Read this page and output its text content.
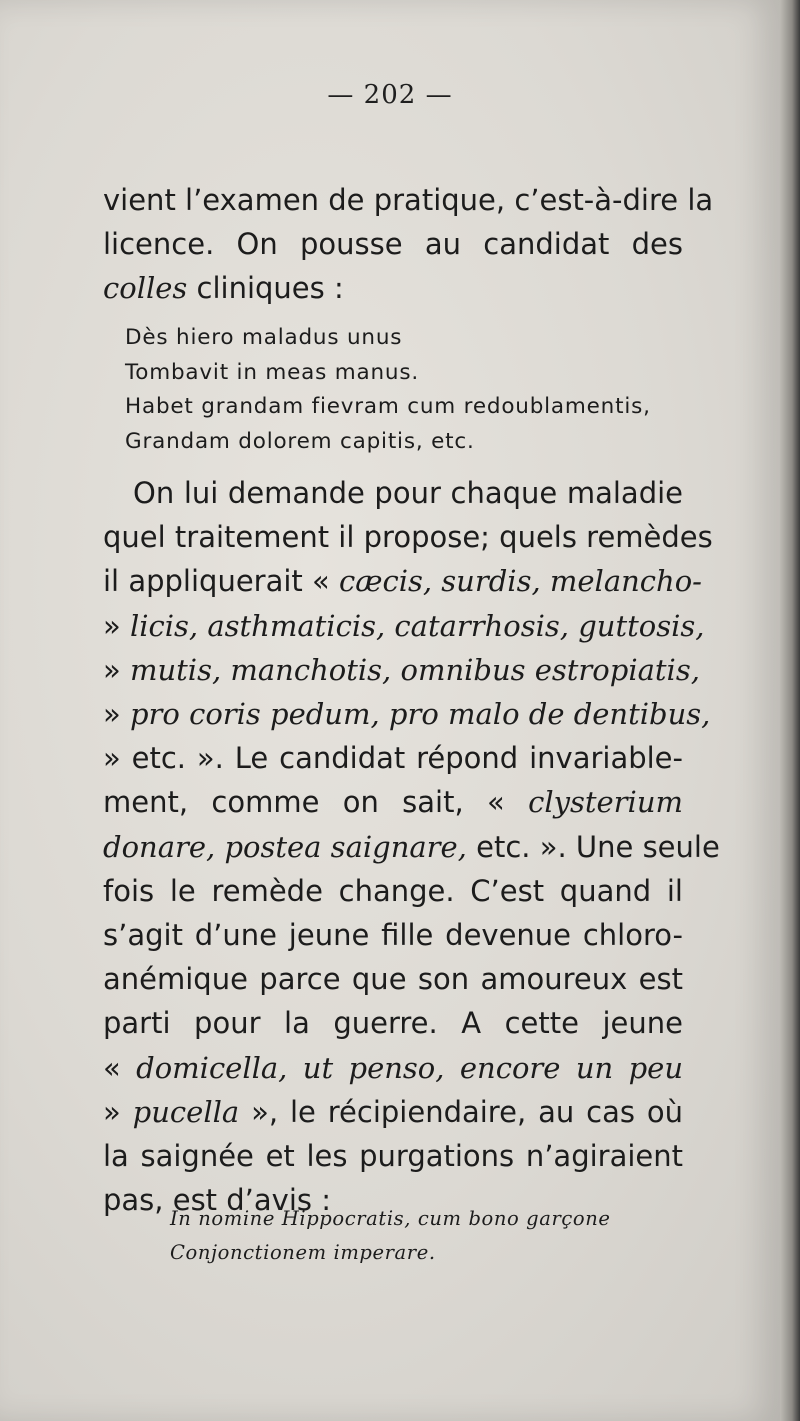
— 202 —
vient l’examen de pratique, c’est-à-dire la
licence. On pousse au candidat des
colles cliniques :
Dès hiero maladus unus
Tombavit in meas manus.
Habet grandam fievram cum redoublamentis,
Grandam dolorem capitis, etc.
On lui demande pour chaque maladie
quel traitement il propose; quels remèdes
il appliquerait « cæcis, surdis, melancho-
» licis, asthmaticis, catarrhosis, guttosis,
» mutis, manchotis, omnibus estropiatis,
» pro coris pedum, pro malo de dentibus,
» etc. ». Le candidat répond invariable-
ment, comme on sait, « clysterium
donare, postea saignare, etc. ». Une seule
fois le remède change. C’est quand il
s’agit d’une jeune fille devenue chloro-
anémique parce que son amoureux est
parti pour la guerre. A cette jeune
« domicella, ut penso, encore un peu
» pucella », le récipiendaire, au cas où
la saignée et les purgations n’agiraient
pas, est d’avis :
In nomine Hippocratis, cum bono garçone
Conjonctionem imperare.
